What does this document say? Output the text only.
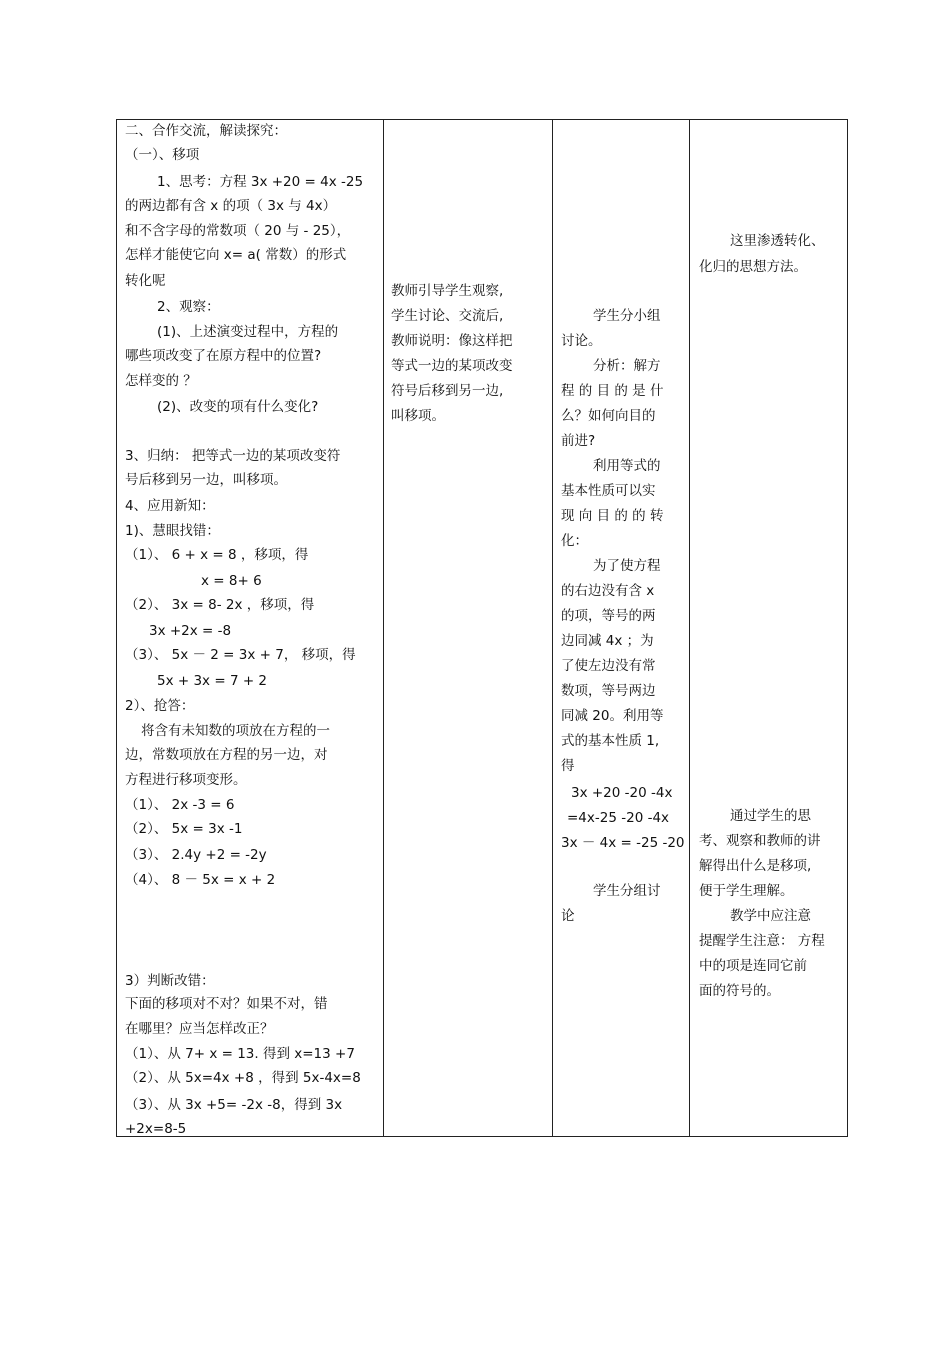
二、合作交流，解读探究：
（一）、移项
1、思考：方程 3x +20 = 4x -25
的两边都有含 x 的项（ 3x 与 4x）
和不含字母的常数项（ 20 与 - 25），
怎样才能使它向 x= a( 常数）的形式
转化呢
2、观察：
(1)、上述演变过程中，方程的
哪些项改变了在原方程中的位置?
怎样变的 ？
(2)、改变的项有什么变化?
3、归纳： 把等式一边的某项改变符
号后移到另一边，叫移项。
4、应用新知：
1)、慧眼找错：
（1）、 6 + x = 8 ，移项，得
x = 8+ 6
（2）、 3x = 8- 2x ，移项，得
3x +2x = -8
（3）、 5x － 2 = 3x + 7， 移项，得
5x + 3x = 7 + 2
2）、抢答：
将含有未知数的项放在方程的一
边，常数项放在方程的另一边，对
方程进行移项变形。
（1）、 2x -3 = 6
（2）、 5x = 3x -1
（3）、 2.4y +2 = -2y
（4）、 8 － 5x = x + 2
3）判断改错：
下面的移项对不对？如果不对，错
在哪里？应当怎样改正？
（1）、从 7+ x = 13. 得到 x=13 +7
（2）、从 5x=4x +8 ，得到 5x-4x=8
（3）、从 3x +5= -2x -8，得到 3x
+2x=8-5
教师引导学生观察,
学生讨论、交流后,
教师说明：像这样把
等式一边的某项改变
符号后移到另一边,
叫移项。
学生分小组
讨论。
分析：解方
程 的 目 的 是 什
么？如何向目的
前进?
利用等式的
基本性质可以实
现 向 目 的 的 转
化：
为了使方程
的右边没有含 x
的项，等号的两
边同减 4x ；为
了使左边没有常
数项，等号两边
同减 20。利用等
式的基本性质 1,
得
3x +20 -20 -4x
=4x-25 -20 -4x
3x － 4x = -25 -20
学生分组讨
论
这里渗透转化、
化归的思想方法。
通过学生的思
考、观察和教师的讲
解得出什么是移项,
便于学生理解。
教学中应注意
提醒学生注意： 方程
中的项是连同它前
面的符号的。
